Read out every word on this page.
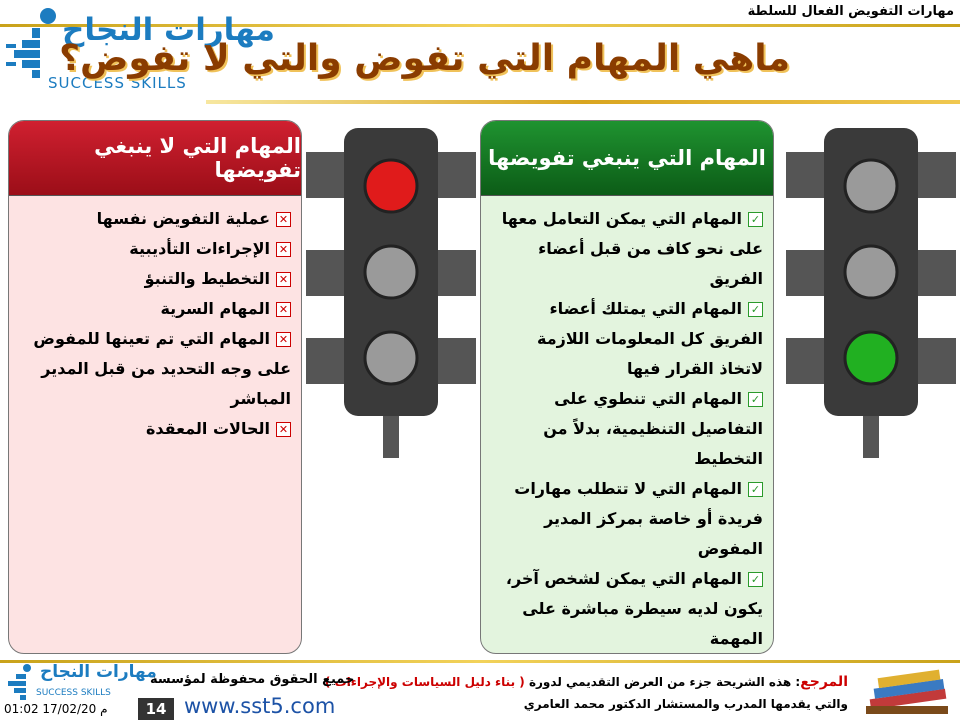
مهارات التفويض الفعال للسلطة
مهارات النجاح
SUCCESS SKILLS
ماهي المهام التي تفوض والتي لا تفوض؟
المهام التي لا ينبغي تفويضها
✕عملية التفويض نفسها
✕الإجراءات التأديبية
✕التخطيط والتنبؤ
✕المهام السرية
✕المهام التي تم تعينها للمفوض على وجه التحديد من قبل المدير المباشر
✕الحالات المعقدة
المهام التي ينبغي تفويضها
✓المهام التي يمكن التعامل معها على نحو كاف من قبل أعضاء الفريق
✓المهام التي يمتلك أعضاء الفريق كل المعلومات اللازمة لاتخاذ القرار فيها
✓المهام التي تنطوي على التفاصيل التنظيمية، بدلاً من التخطيط
✓المهام التي لا تتطلب مهارات فريدة أو خاصة بمركز المدير المفوض
✓المهام التي يمكن لشخص آخر، يكون لديه سيطرة مباشرة على المهمة
المرجع: هذه الشريحة جزء من العرض التقديمي لدورة ( بناء دليل السياسات والإجراءات )
والتي يقدمها المدرب والمستشار الدكتور محمد العامري
جميع الحقوق محفوظة لمؤسسة
www.sst5.com
14
01:02 17/02/20 م
مهارات النجاح
SUCCESS SKILLS
